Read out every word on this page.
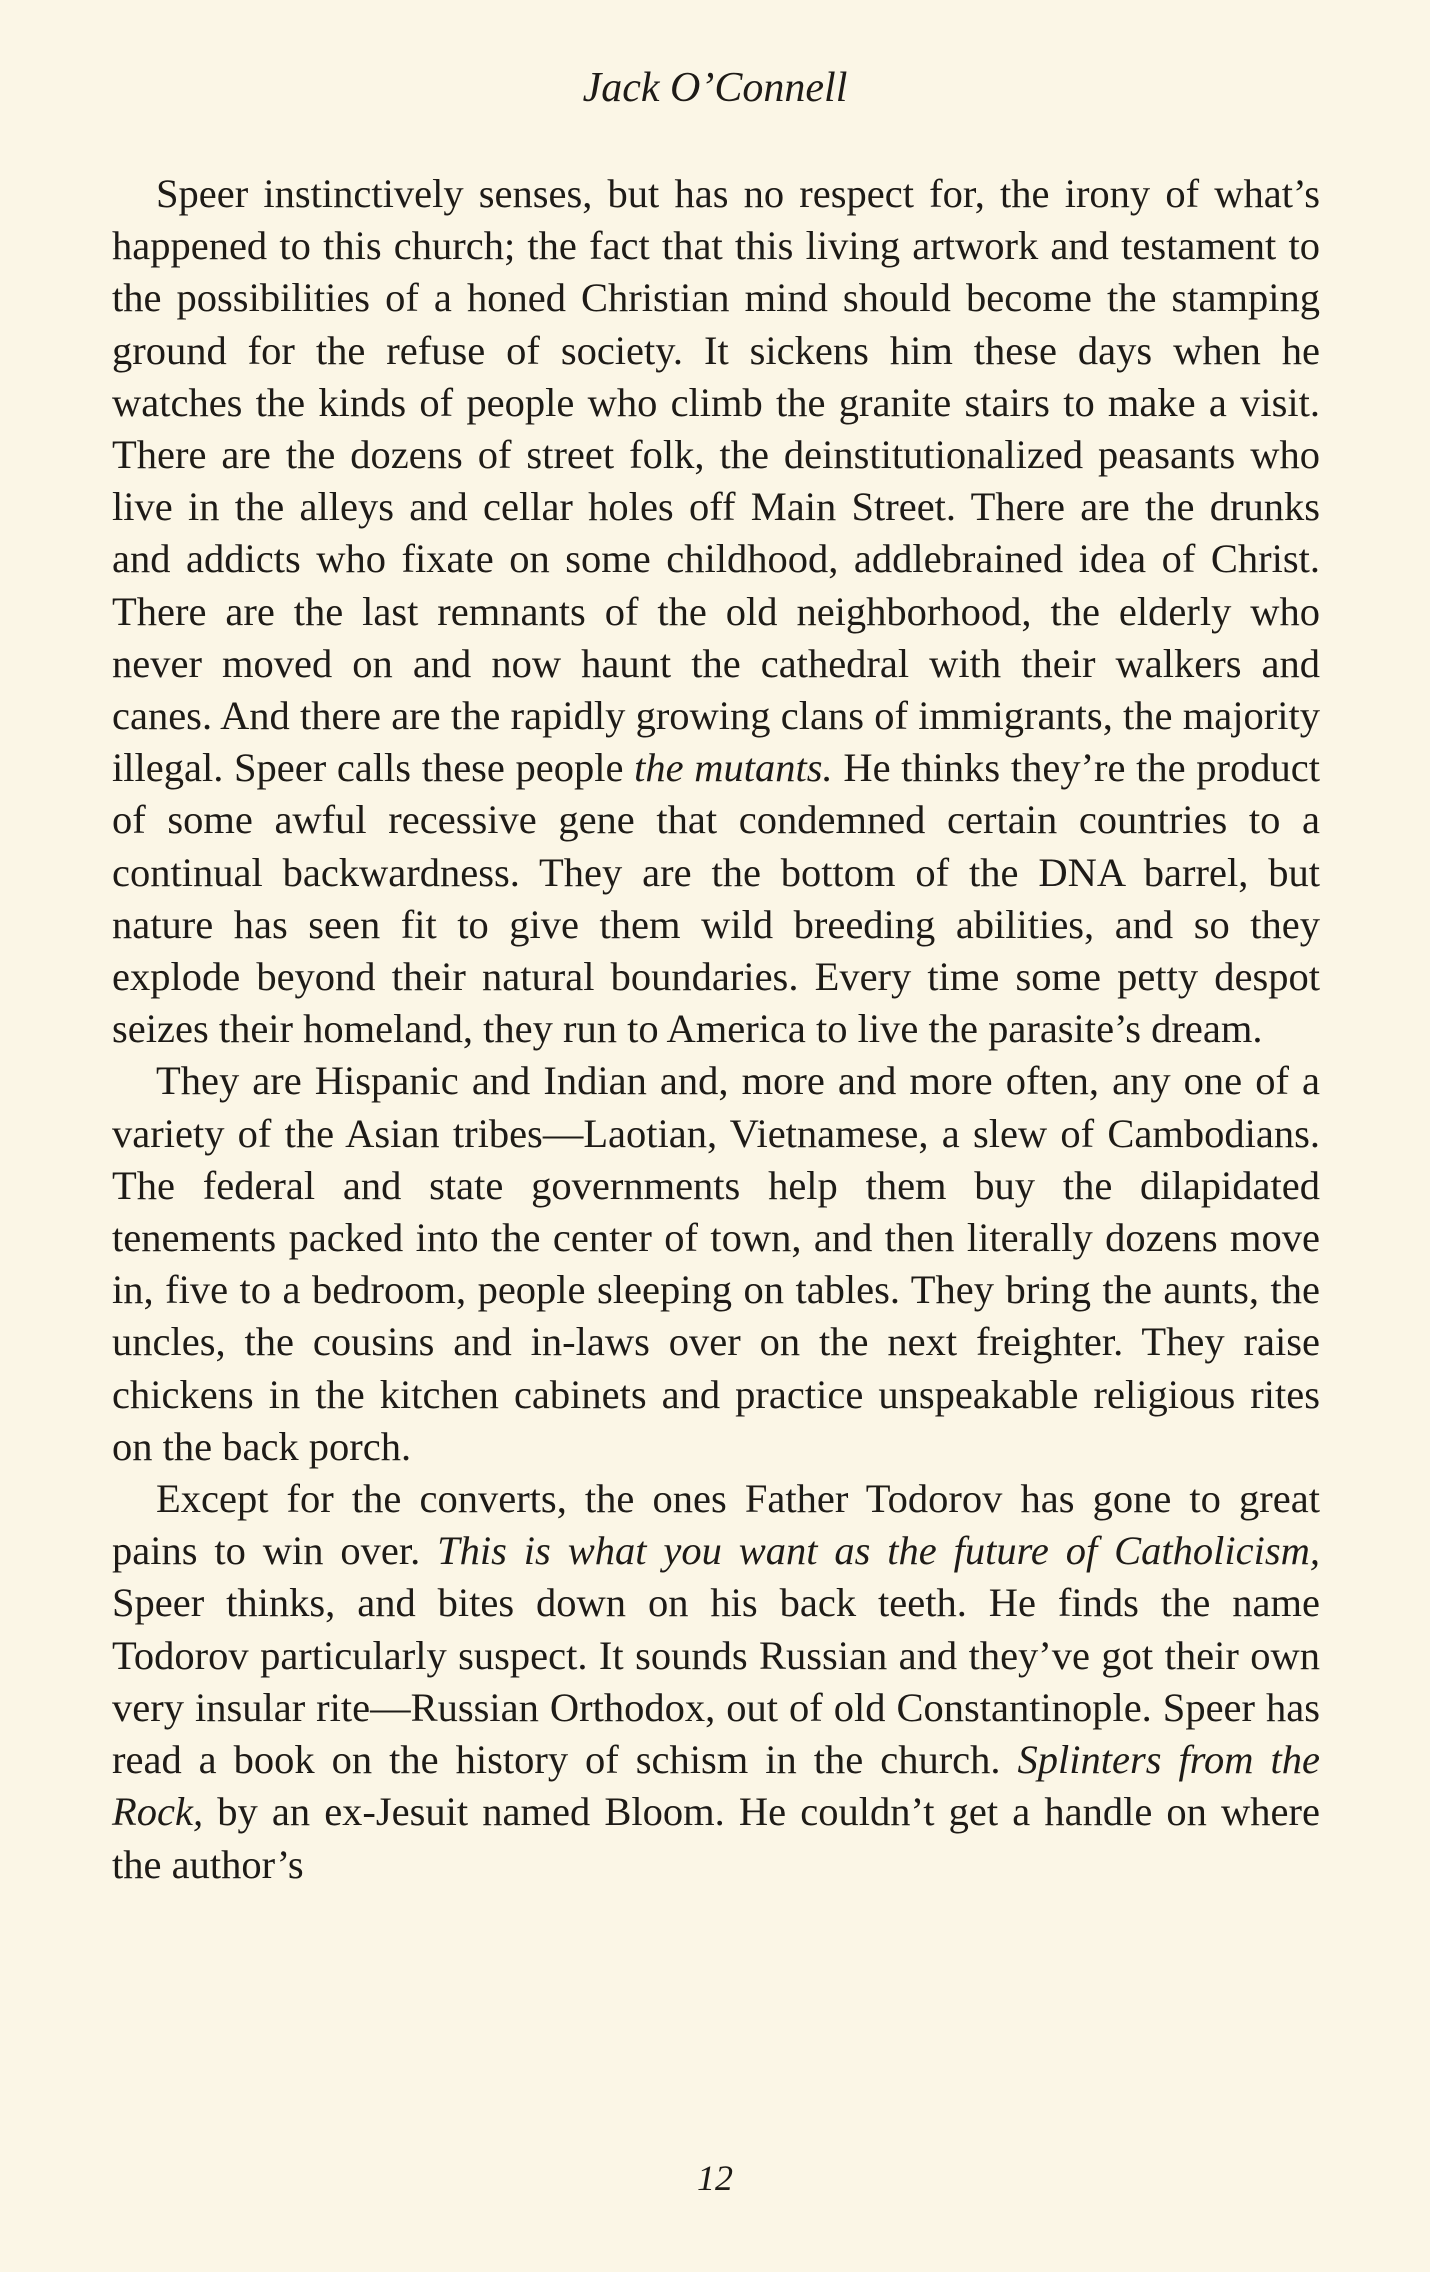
Jack O’Connell

Speer instinctively senses, but has no respect for, the irony of what’s happened to this church; the fact that this living artwork and testament to the possibilities of a honed Christian mind should become the stamping ground for the refuse of society. It sickens him these days when he watches the kinds of people who climb the granite stairs to make a visit. There are the dozens of street folk, the deinstitutionalized peasants who live in the alleys and cellar holes off Main Street. There are the drunks and addicts who fixate on some childhood, addlebrained idea of Christ. There are the last remnants of the old neighborhood, the elderly who never moved on and now haunt the cathedral with their walkers and canes. And there are the rapidly growing clans of immigrants, the majority illegal. Speer calls these people the mutants. He thinks they’re the product of some awful recessive gene that condemned certain countries to a continual backwardness. They are the bottom of the DNA barrel, but nature has seen fit to give them wild breeding abilities, and so they explode beyond their natural boundaries. Every time some petty despot seizes their homeland, they run to America to live the parasite’s dream.

They are Hispanic and Indian and, more and more often, any one of a variety of the Asian tribes—Laotian, Vietnamese, a slew of Cambodians. The federal and state governments help them buy the dilapidated tenements packed into the center of town, and then literally dozens move in, five to a bedroom, people sleeping on tables. They bring the aunts, the uncles, the cousins and in-laws over on the next freighter. They raise chickens in the kitchen cabinets and practice unspeakable religious rites on the back porch.

Except for the converts, the ones Father Todorov has gone to great pains to win over. This is what you want as the future of Catholicism, Speer thinks, and bites down on his back teeth. He finds the name Todorov particularly suspect. It sounds Russian and they’ve got their own very insular rite—Russian Orthodox, out of old Constantinople. Speer has read a book on the history of schism in the church. Splinters from the Rock, by an ex-Jesuit named Bloom. He couldn’t get a handle on where the author’s

12
